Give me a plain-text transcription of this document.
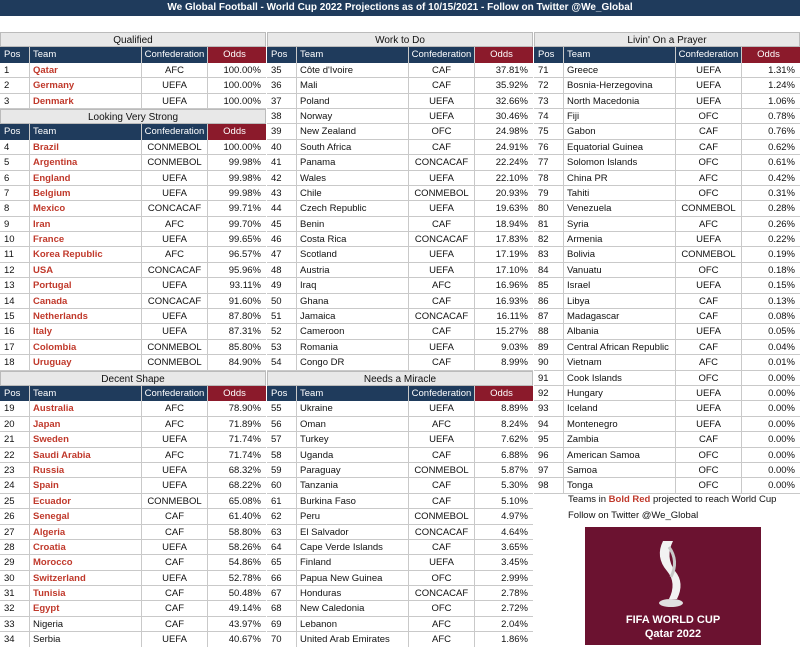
We Global Football - World Cup 2022 Projections as of 10/15/2021 - Follow on Twitter @We_Global
Qualified
Pos	Team	Confederation	Odds
1	Qatar	AFC	100.00%
2	Germany	UEFA	100.00%
3	Denmark	UEFA	100.00%
Looking Very Strong
Pos	Team	Confederation	Odds
4	Brazil	CONMEBOL	100.00%
5	Argentina	CONMEBOL	99.98%
6	England	UEFA	99.98%
7	Belgium	UEFA	99.98%
8	Mexico	CONCACAF	99.71%
9	Iran	AFC	99.70%
10	France	UEFA	99.65%
11	Korea Republic	AFC	96.57%
12	USA	CONCACAF	95.96%
13	Portugal	UEFA	93.11%
14	Canada	CONCACAF	91.60%
15	Netherlands	UEFA	87.80%
16	Italy	UEFA	87.31%
17	Colombia	CONMEBOL	85.80%
18	Uruguay	CONMEBOL	84.90%
Decent Shape
Pos	Team	Confederation	Odds
19	Australia	AFC	78.90%
20	Japan	AFC	71.89%
21	Sweden	UEFA	71.74%
22	Saudi Arabia	AFC	71.74%
23	Russia	UEFA	68.32%
24	Spain	UEFA	68.22%
25	Ecuador	CONMEBOL	65.08%
26	Senegal	CAF	61.40%
27	Algeria	CAF	58.80%
28	Croatia	UEFA	58.26%
29	Morocco	CAF	54.86%
30	Switzerland	UEFA	52.78%
31	Tunisia	CAF	50.48%
32	Egypt	CAF	49.14%
33	Nigeria	CAF	43.97%
34	Serbia	UEFA	40.67%
Work to Do
Pos	Team	Confederation	Odds
35	Côte d'Ivoire	CAF	37.81%
36	Mali	CAF	35.92%
37	Poland	UEFA	32.66%
38	Norway	UEFA	30.46%
39	New Zealand	OFC	24.98%
40	South Africa	CAF	24.91%
41	Panama	CONCACAF	22.24%
42	Wales	UEFA	22.10%
43	Chile	CONMEBOL	20.93%
44	Czech Republic	UEFA	19.63%
45	Benin	CAF	18.94%
46	Costa Rica	CONCACAF	17.83%
47	Scotland	UEFA	17.19%
48	Austria	UEFA	17.10%
49	Iraq	AFC	16.96%
50	Ghana	CAF	16.93%
51	Jamaica	CONCACAF	16.11%
52	Cameroon	CAF	15.27%
53	Romania	UEFA	9.03%
54	Congo DR	CAF	8.99%
Needs a Miracle
Pos	Team	Confederation	Odds
55	Ukraine	UEFA	8.89%
56	Oman	AFC	8.24%
57	Turkey	UEFA	7.62%
58	Uganda	CAF	6.88%
59	Paraguay	CONMEBOL	5.87%
60	Tanzania	CAF	5.30%
61	Burkina Faso	CAF	5.10%
62	Peru	CONMEBOL	4.97%
63	El Salvador	CONCACAF	4.64%
64	Cape Verde Islands	CAF	3.65%
65	Finland	UEFA	3.45%
66	Papua New Guinea	OFC	2.99%
67	Honduras	CONCACAF	2.78%
68	New Caledonia	OFC	2.72%
69	Lebanon	AFC	2.04%
70	United Arab Emirates	AFC	1.86%
Livin' On a Prayer
Pos	Team	Confederation	Odds
71	Greece	UEFA	1.31%
72	Bosnia-Herzegovina	UEFA	1.24%
73	North Macedonia	UEFA	1.06%
74	Fiji	OFC	0.78%
75	Gabon	CAF	0.76%
76	Equatorial Guinea	CAF	0.62%
77	Solomon Islands	OFC	0.61%
78	China PR	AFC	0.42%
79	Tahiti	OFC	0.31%
80	Venezuela	CONMEBOL	0.28%
81	Syria	AFC	0.26%
82	Armenia	UEFA	0.22%
83	Bolivia	CONMEBOL	0.19%
84	Vanuatu	OFC	0.18%
85	Israel	UEFA	0.15%
86	Libya	CAF	0.13%
87	Madagascar	CAF	0.08%
88	Albania	UEFA	0.05%
89	Central African Republic	CAF	0.04%
90	Vietnam	AFC	0.01%
91	Cook Islands	OFC	0.00%
92	Hungary	UEFA	0.00%
93	Iceland	UEFA	0.00%
94	Montenegro	UEFA	0.00%
95	Zambia	CAF	0.00%
96	American Samoa	OFC	0.00%
97	Samoa	OFC	0.00%
98	Tonga	OFC	0.00%
Teams in Bold Red projected to reach World Cup
Follow on Twitter @We_Global
FIFA WORLD CUP
Qatar 2022
